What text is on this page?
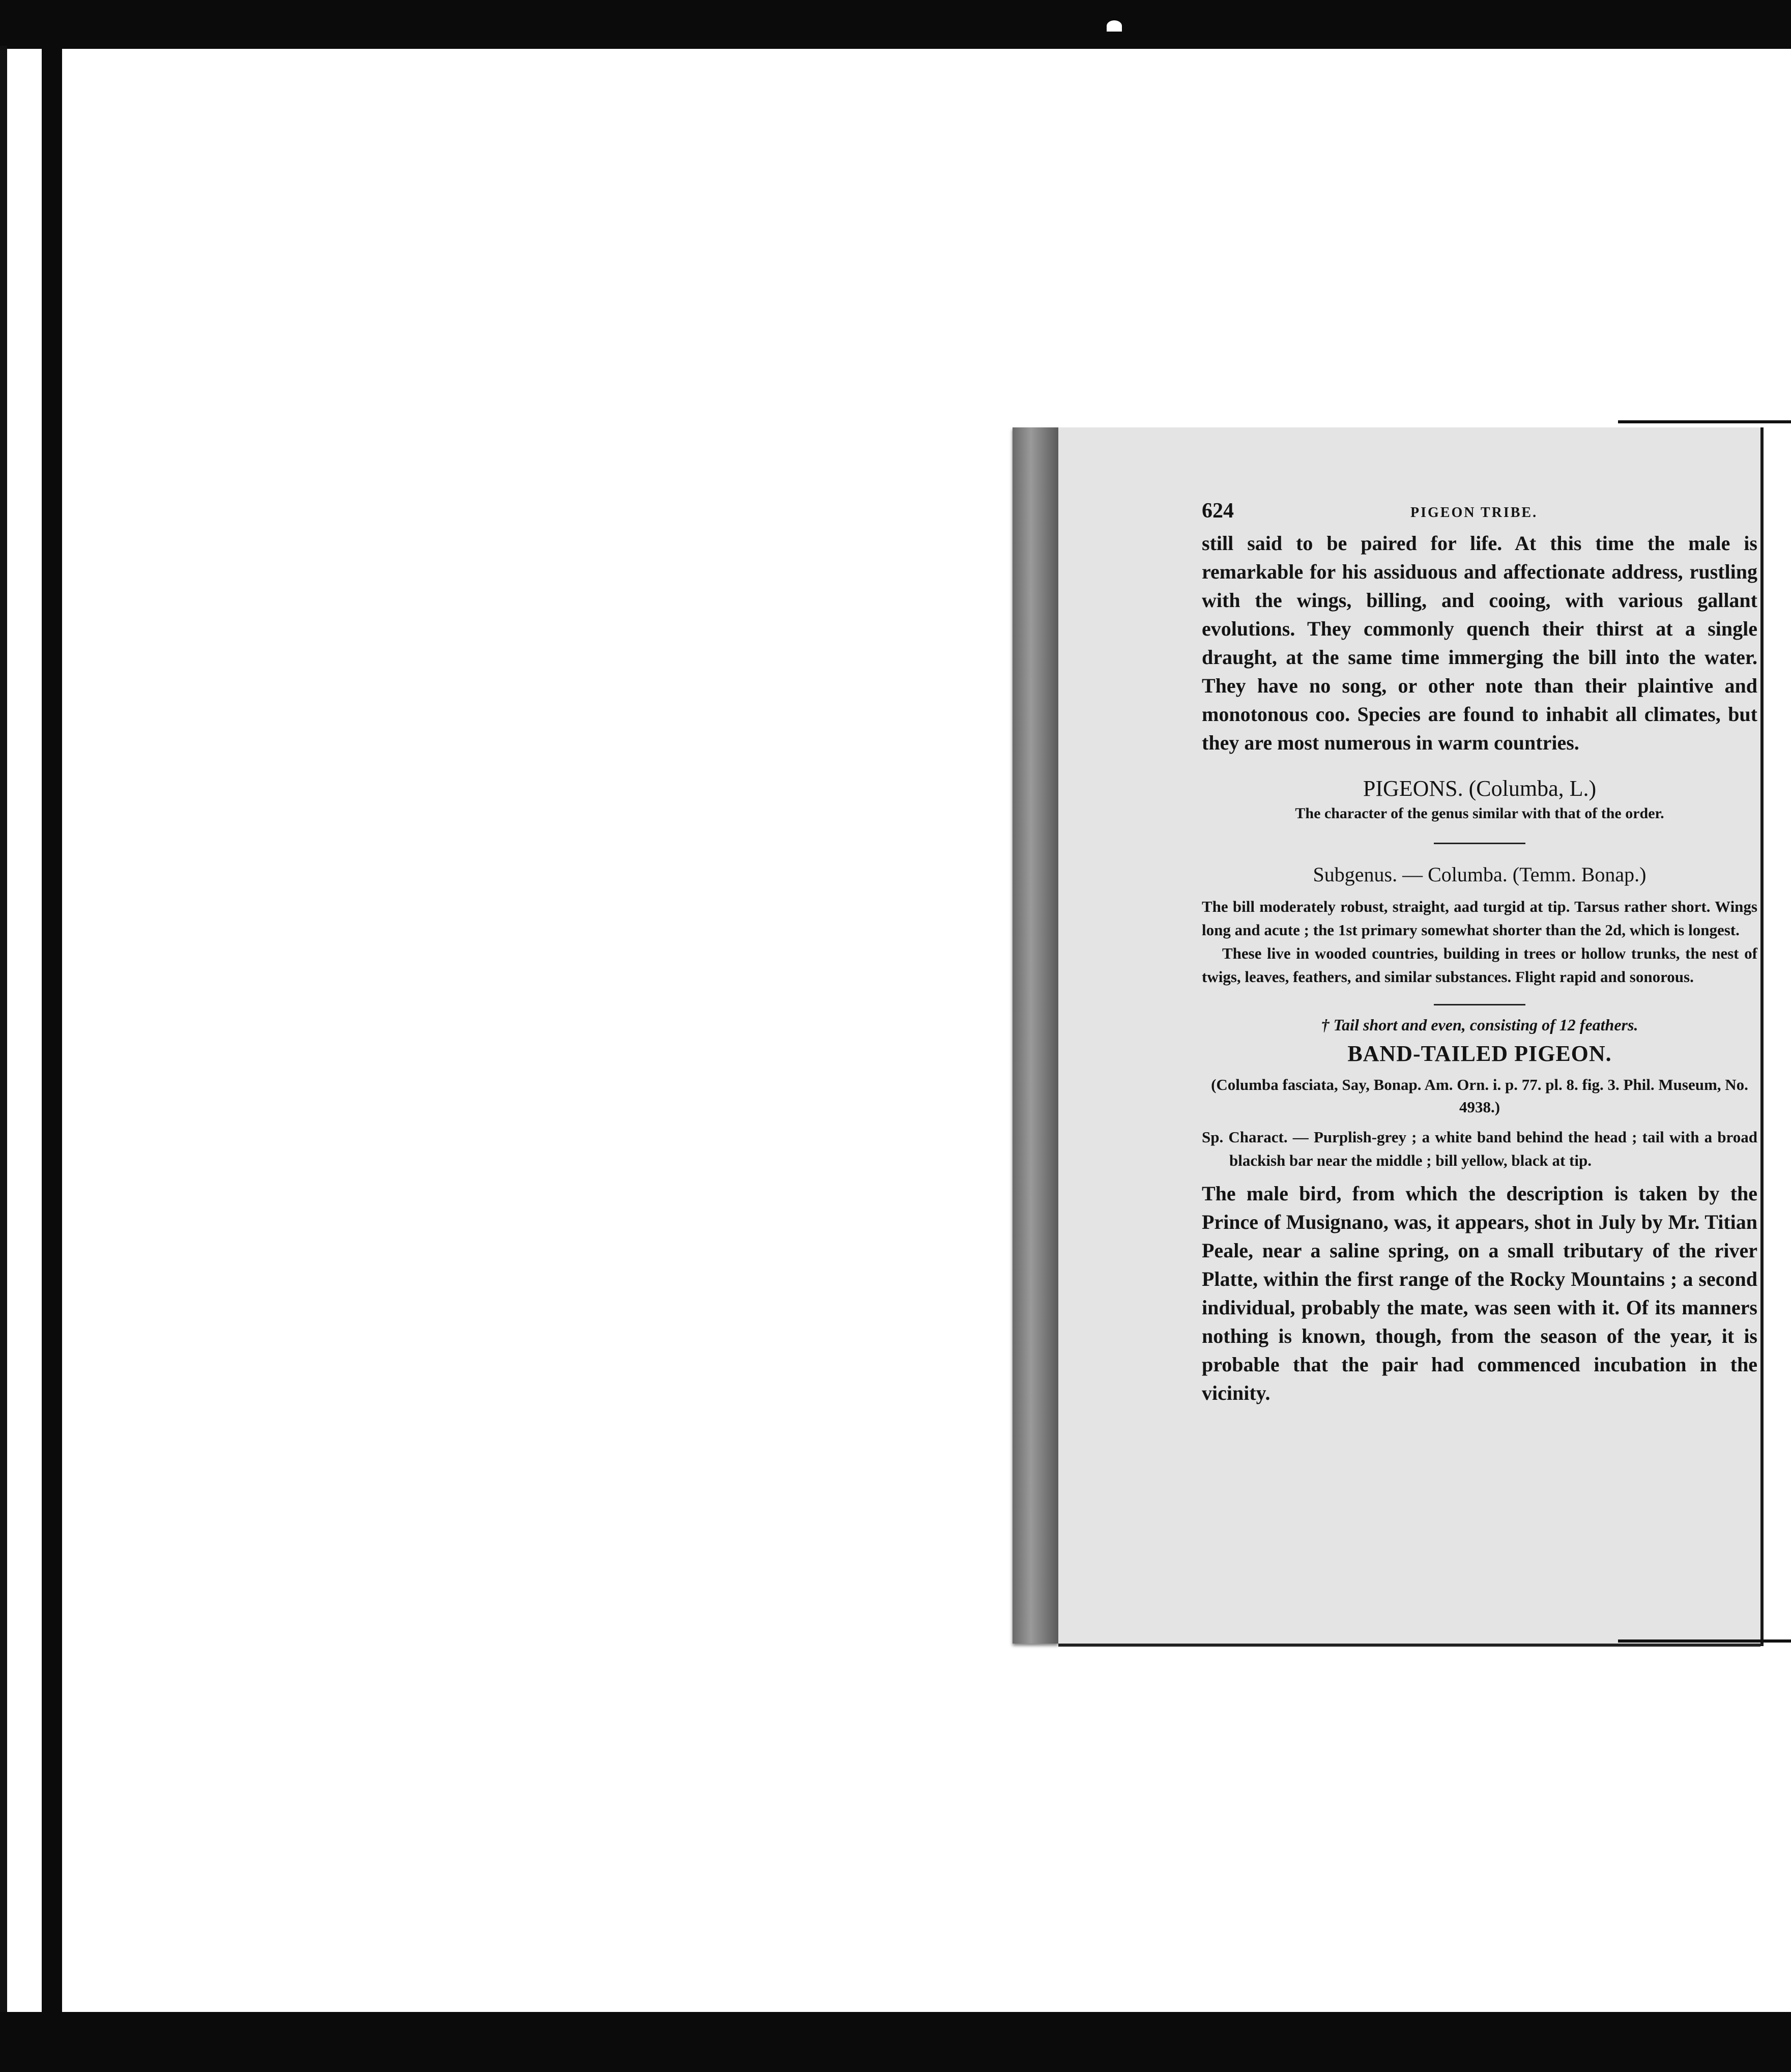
624	PIGEON TRIBE.

still said to be paired for life. At this time the male is remarkable for his assiduous and affectionate address, rustling with the wings, billing, and cooing, with various gallant evolutions. They commonly quench their thirst at a single draught, at the same time immerging the bill into the water. They have no song, or other note than their plaintive and monotonous coo. Species are found to inhabit all climates, but they are most numerous in warm countries.

PIGEONS. (Columba, L.)
The character of the genus similar with that of the order.
Subgenus. — Columba. (Temm. Bonap.)

The bill moderately robust, straight, aad turgid at tip. Tarsus rather short. Wings long and acute ; the 1st primary somewhat shorter than the 2d, which is longest.

These live in wooded countries, building in trees or hollow trunks, the nest of twigs, leaves, feathers, and similar substances. Flight rapid and sonorous.

† Tail short and even, consisting of 12 feathers.
BAND-TAILED PIGEON.
(Columba fasciata, Say, Bonap. Am. Orn. i. p. 77. pl. 8. fig. 3. Phil. Museum, No. 4938.)
Sp. Charact. — Purplish-grey ; a white band behind the head ; tail with a broad blackish bar near the middle ; bill yellow, black at tip.

The male bird, from which the description is taken by the Prince of Musignano, was, it appears, shot in July by Mr. Titian Peale, near a saline spring, on a small tributary of the river Platte, within the first range of the Rocky Mountains ; a second individual, probably the mate, was seen with it. Of its manners nothing is known, though, from the season of the year, it is probable that the pair had commenced incubation in the vicinity.
